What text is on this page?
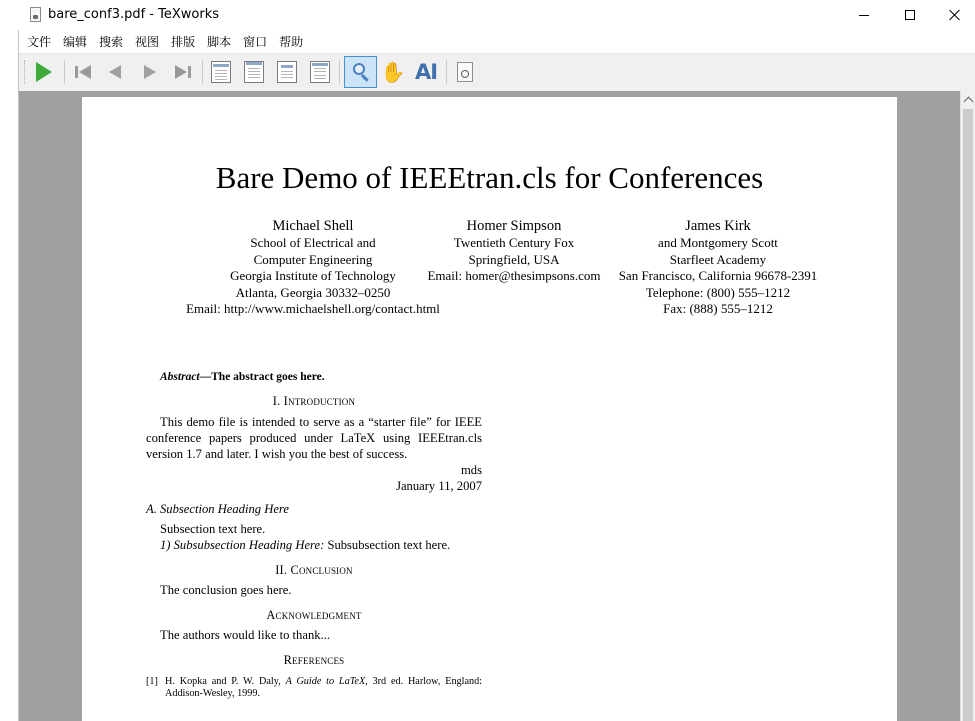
bare_conf3.pdf - TeXworks
文件	编辑	搜索	视图	排版	脚本	窗口	帮助
✋ AI
Bare Demo of IEEEtran.cls for Conferences
Michael Shell
School of Electrical and
Computer Engineering
Georgia Institute of Technology
Atlanta, Georgia 30332–0250
Email: http://www.michaelshell.org/contact.html
Homer Simpson
Twentieth Century Fox
Springfield, USA
Email: homer@thesimpsons.com
James Kirk
and Montgomery Scott
Starfleet Academy
San Francisco, California 96678-2391
Telephone: (800) 555–1212
Fax: (888) 555–1212
Abstract—The abstract goes here.
I. Introduction
This demo file is intended to serve as a “starter file” for IEEE conference papers produced under LaTeX using IEEEtran.cls version 1.7 and later. I wish you the best of success.
mds
January 11, 2007
A. Subsection Heading Here
Subsection text here.
1) Subsubsection Heading Here: Subsubsection text here.
II. Conclusion
The conclusion goes here.
Acknowledgment
The authors would like to thank...
References
[1] H. Kopka and P. W. Daly, A Guide to LaTeX, 3rd ed. Harlow, England: Addison-Wesley, 1999.
